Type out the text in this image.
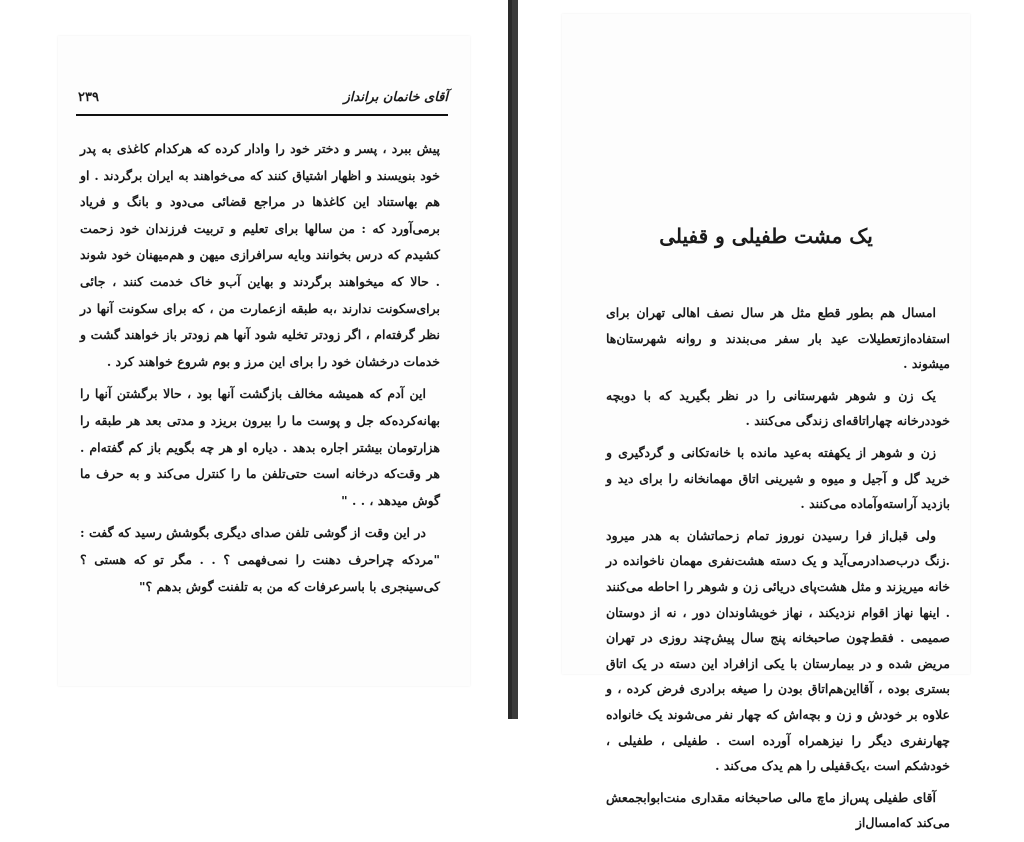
آقای خانمان برانداز
۲۳۹

پیش ببرد ، پسر و دختر خود را وادار کرده که هرکدام کاغذی به پدر خود بنویسند و اظهار اشتیاق کنند که می‌خواهند به ایران برگردند . او هم بهاستناد این کاغذها در مراجع قضائی می‌دود و بانگ و فریاد برمی‌آورد که : من سالها برای تعلیم و تربیت فرزندان خود زحمت کشیدم که درس بخوانند وبایه سرافرازی میهن و هم‌میهنان خود شوند . حالا که میخواهند برگردند و بهاین آب‌و خاک خدمت کنند ، جائی برای‌سکونت ندارند ،به طبقه ازعمارت من ، که برای سکونت آنها در نظر گرفته‌ام ، اگر زودتر تخلیه شود آنها هم زودتر باز خواهند گشت و خدمات درخشان خود را برای این مرز و بوم شروع خواهند کرد .

این آدم که همیشه مخالف بازگشت آنها بود ، حالا برگشتن آنها را بهانه‌کرده‌که جل و پوست ما را بیرون بریزد و مدتی بعد هر طبقه را هزارتومان بیشتر اجاره بدهد . دیاره او هر چه بگویم باز کم گفته‌ام . هر وقت‌که درخانه است حتی‌تلفن ما را کنترل می‌کند و به حرف ما گوش میدهد ، . . "

در این وقت از گوشی تلفن صدای دیگری بگوشش رسید که گفت : "مردکه چراحرف دهنت را نمی‌فهمی ؟ . . مگر تو که هستی ؟ کی‌سینجری با باسرعرفات که من به تلفنت گوش بدهم ؟"

یک مشت طفیلی و قفیلی

امسال هم بطور قطع مثل هر سال نصف اهالی تهران برای استفاده‌ازتعطیلات عید بار سفر می‌بندند و روانه شهرستان‌ها میشوند .

یک زن و شوهر شهرستانی را در نظر بگیرید که با دوبچه خوددرخانه چهاراتاقه‌ای زندگی می‌کنند .

زن و شوهر از یکهفته به‌عید مانده با خانه‌تکانی و گردگیری و خرید گل و آجیل و میوه و شیرینی اتاق مهمانخانه را برای دید و بازدید آراسته‌وآماده می‌کنند .

ولی قبل‌از فرا رسیدن نوروز تمام زحماتشان به هدر میرود .زنگ درب‌صدادرمی‌آید و یک دسته هشت‌نفری مهمان ناخوانده در خانه میریزند و مثل هشت‌پای دریائی زن و شوهر را احاطه می‌کنند . اینها نهاز اقوام نزدیکند ، نهاز خویشاوندان دور ، نه از دوستان صمیمی . فقط‌چون صاحبخانه پنج سال پیش‌چند روزی در تهران مریض شده و در بیمارستان با یکی ازافراد این دسته در یک اتاق بستری بوده ، آقااین‌هم‌اتاق بودن را صیغه برادری فرض کرده ، و علاوه بر خودش و زن و بچه‌اش که چهار نفر می‌شوند یک خانواده چهارنفری دیگر را نیزهمراه آورده است . طفیلی ، طفیلی ، خودشکم است ،یک‌قفیلی را هم یدک می‌کند .

آقای طفیلی پس‌از ماچ مالی صاحبخانه مقداری منت‌ابوابجمعش می‌کند که‌امسال‌از
